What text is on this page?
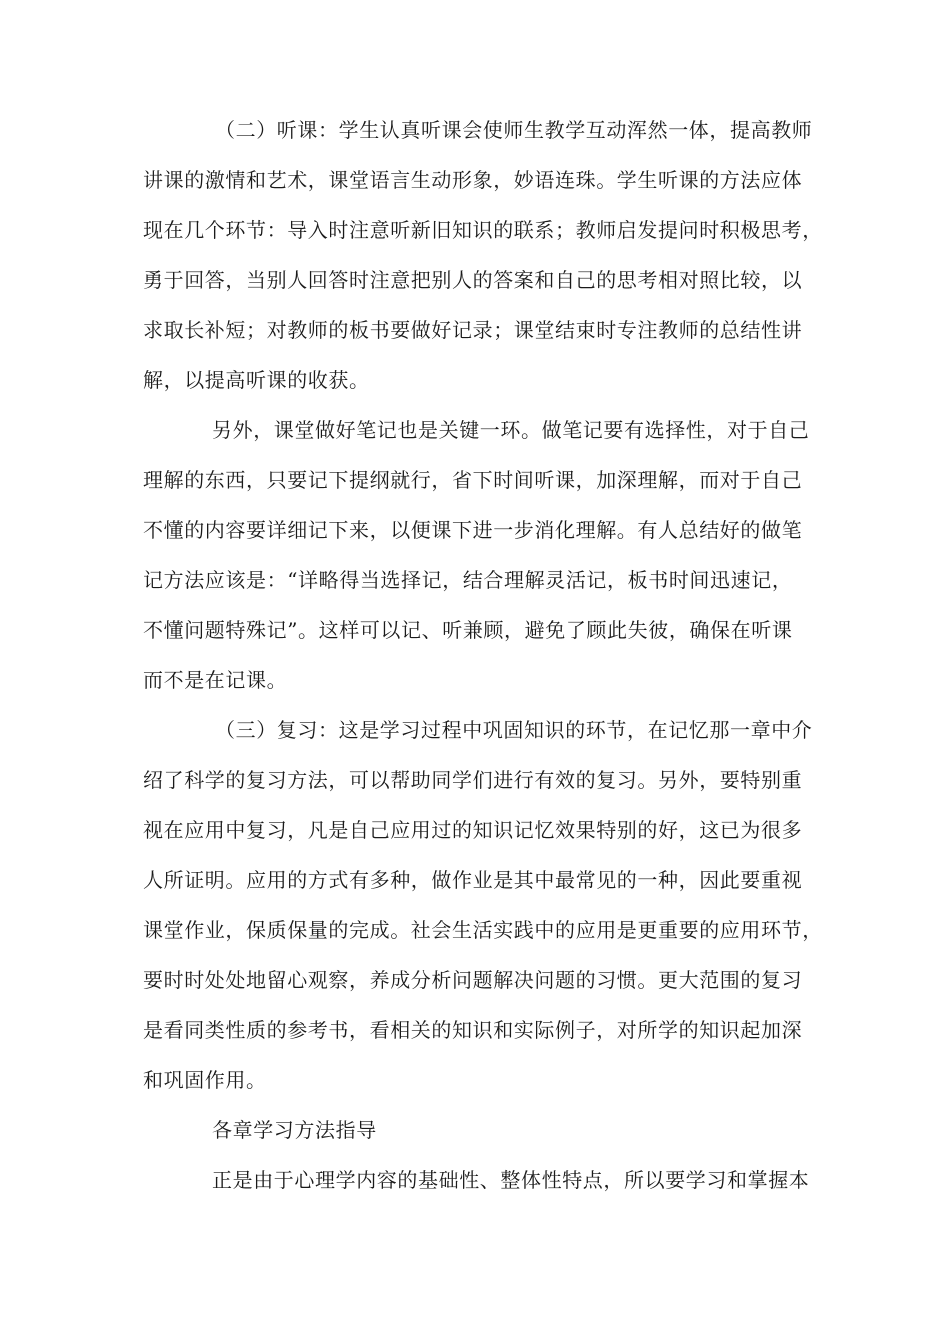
（二）听课：学生认真听课会使师生教学互动浑然一体，提高教师
讲课的激情和艺术，课堂语言生动形象，妙语连珠。学生听课的方法应体
现在几个环节：导入时注意听新旧知识的联系；教师启发提问时积极思考，
勇于回答，当别人回答时注意把别人的答案和自己的思考相对照比较，以
求取长补短；对教师的板书要做好记录；课堂结束时专注教师的总结性讲
解，以提高听课的收获。
另外，课堂做好笔记也是关键一环。做笔记要有选择性，对于自己
理解的东西，只要记下提纲就行，省下时间听课，加深理解，而对于自己
不懂的内容要详细记下来，以便课下进一步消化理解。有人总结好的做笔
记方法应该是：“详略得当选择记，结合理解灵活记，板书时间迅速记，
不懂问题特殊记”。这样可以记、听兼顾，避免了顾此失彼，确保在听课
而不是在记课。
（三）复习：这是学习过程中巩固知识的环节，在记忆那一章中介
绍了科学的复习方法，可以帮助同学们进行有效的复习。另外，要特别重
视在应用中复习，凡是自己应用过的知识记忆效果特别的好，这已为很多
人所证明。应用的方式有多种，做作业是其中最常见的一种，因此要重视
课堂作业，保质保量的完成。社会生活实践中的应用是更重要的应用环节，
要时时处处地留心观察，养成分析问题解决问题的习惯。更大范围的复习
是看同类性质的参考书，看相关的知识和实际例子，对所学的知识起加深
和巩固作用。
各章学习方法指导
正是由于心理学内容的基础性、整体性特点，所以要学习和掌握本
